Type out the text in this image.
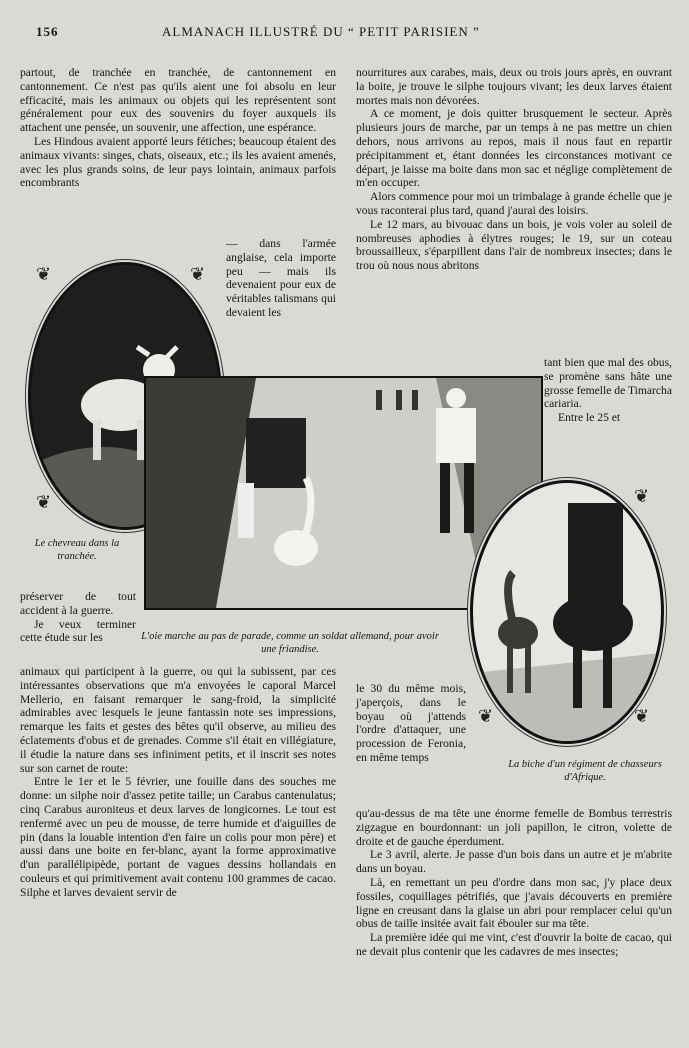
156	ALMANACH ILLUSTRÉ DU “ PETIT PARISIEN ”

partout, de tranchée en tranchée, de cantonnement en cantonnement. Ce n'est pas qu'ils aient une foi absolu en leur efficacité, mais les animaux ou objets qui les représentent sont généralement pour eux des souvenirs du foyer auxquels ils attachent une pensée, un souvenir, une affection, une espérance.

Les Hindous avaient apporté leurs fétiches; beaucoup étaient des animaux vivants: singes, chats, oiseaux, etc.; ils les avaient amenés, avec les plus grands soins, de leur pays lointain, animaux parfois encombrants

— dans l'armée anglaise, cela importe peu — mais ils devenaient pour eux de véritables talismans qui devaient les

nourritures aux carabes, mais, deux ou trois jours après, en ouvrant la boite, je trouve le silphe toujours vivant; les deux larves étaient mortes mais non dévorées.

A ce moment, je dois quitter brusquement le secteur. Après plusieurs jours de marche, par un temps à ne pas mettre un chien dehors, nous arrivons au repos, mais il nous faut en repartir précipitamment et, étant données les circonstances motivant ce départ, je laisse ma boite dans mon sac et néglige complètement de m'en occuper.

Alors commence pour moi un trimbalage à grande échelle que je vous raconterai plus tard, quand j'aurai des loisirs.

Le 12 mars, au bivouac dans un bois, je vois voler au soleil de nombreuses aphodies à élytres rouges; le 19, sur un coteau broussailleux, s'éparpillent dans l'air de nombreux insectes; dans le trou où nous nous abritons

tant bien que mal des obus, se promène sans hâte une grosse femelle de Timarcha cariaria.

Entre le 25 et

❦	❦
❦
Le chevreau dans la tranchée.
L'oie marche au pas de parade, comme un soldat allemand, pour avoir une friandise.
❦
❦	❦
La biche d'un régiment de chasseurs d'Afrique.

préserver de tout accident à la guerre.

Je veux terminer cette étude sur les

animaux qui participent à la guerre, ou qui la subissent, par ces intéressantes observations que m'a envoyées le caporal Marcel Mellerio, en faisant remarquer le sang-froid, la simplicité admirables avec lesquels le jeune fantassin note ses impressions, remarque les faits et gestes des bêtes qu'il observe, au milieu des éclatements d'obus et de grenades. Comme s'il était en villégiature, il étudie la nature dans ses infiniment petits, et il inscrit ses notes sur son carnet de route:

Entre le 1er et le 5 février, une fouille dans des souches me donne: un silphe noir d'assez petite taille; un Carabus cantenulatus; cinq Carabus auroniteus et deux larves de longicornes. Le tout est renfermé avec un peu de mousse, de terre humide et d'aiguilles de pin (dans la louable intention d'en faire un colis pour mon père) et aussi dans une boite en fer-blanc, ayant la forme approximative d'un parallélipipède, portant de vagues dessins hollandais en couleurs et qui primitivement avait contenu 100 grammes de cacao. Silphe et larves devaient servir de

le 30 du même mois, j'aperçois, dans le boyau où j'attends l'ordre d'attaquer, une procession de Feronia, en même temps

qu'au-dessus de ma tête une énorme femelle de Bombus terrestris zigzague en bourdonnant: un joli papillon, le citron, volette de droite et de gauche éperdument.

Le 3 avril, alerte. Je passe d'un bois dans un autre et je m'abrite dans un boyau.

Là, en remettant un peu d'ordre dans mon sac, j'y place deux fossiles, coquillages pétrifiés, que j'avais découverts en première ligne en creusant dans la glaise un abri pour remplacer celui qu'un obus de taille insitée avait fait ébouler sur ma tête.

La première idée qui me vint, c'est d'ouvrir la boite de cacao, qui ne devait plus contenir que les cadavres de mes insectes;
